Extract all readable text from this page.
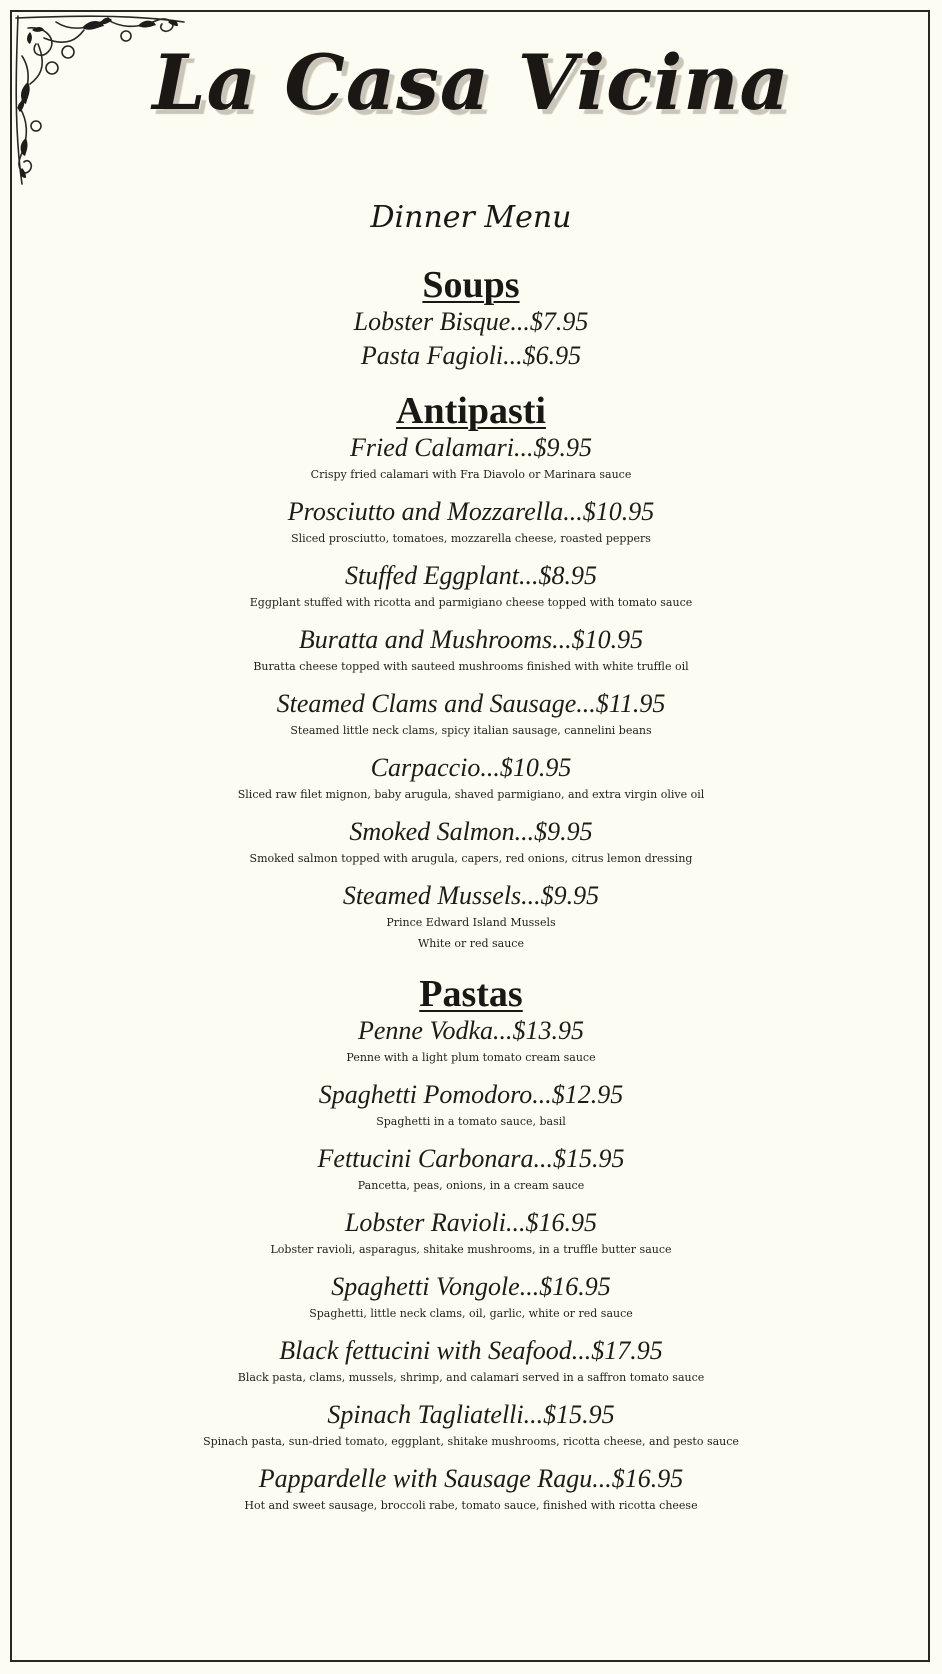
La Casa Vicina
Dinner Menu
Soups
Lobster Bisque...$7.95
Pasta Fagioli...$6.95
Antipasti
Fried Calamari...$9.95
Crispy fried calamari with Fra Diavolo or Marinara sauce
Prosciutto and Mozzarella...$10.95
Sliced prosciutto, tomatoes, mozzarella cheese, roasted peppers
Stuffed Eggplant...$8.95
Eggplant stuffed with ricotta and parmigiano cheese topped with tomato sauce
Buratta and Mushrooms...$10.95
Buratta cheese topped with sauteed mushrooms finished with white truffle oil
Steamed Clams and Sausage...$11.95
Steamed little neck clams, spicy italian sausage, cannelini beans
Carpaccio...$10.95
Sliced raw filet mignon, baby arugula, shaved parmigiano, and extra virgin olive oil
Smoked Salmon...$9.95
Smoked salmon topped with arugula, capers, red onions, citrus lemon dressing
Steamed Mussels...$9.95
Prince Edward Island Mussels
White or red sauce
Pastas
Penne Vodka...$13.95
Penne with a light plum tomato cream sauce
Spaghetti Pomodoro...$12.95
Spaghetti in a tomato sauce, basil
Fettucini Carbonara...$15.95
Pancetta, peas, onions, in a cream sauce
Lobster Ravioli...$16.95
Lobster ravioli, asparagus, shitake mushrooms, in a truffle butter sauce
Spaghetti Vongole...$16.95
Spaghetti, little neck clams, oil, garlic, white or red sauce
Black fettucini with Seafood...$17.95
Black pasta, clams, mussels, shrimp, and calamari served in a saffron tomato sauce
Spinach Tagliatelli...$15.95
Spinach pasta, sun-dried tomato, eggplant, shitake mushrooms, ricotta cheese, and pesto sauce
Pappardelle with Sausage Ragu...$16.95
Hot and sweet sausage, broccoli rabe, tomato sauce, finished with ricotta cheese
